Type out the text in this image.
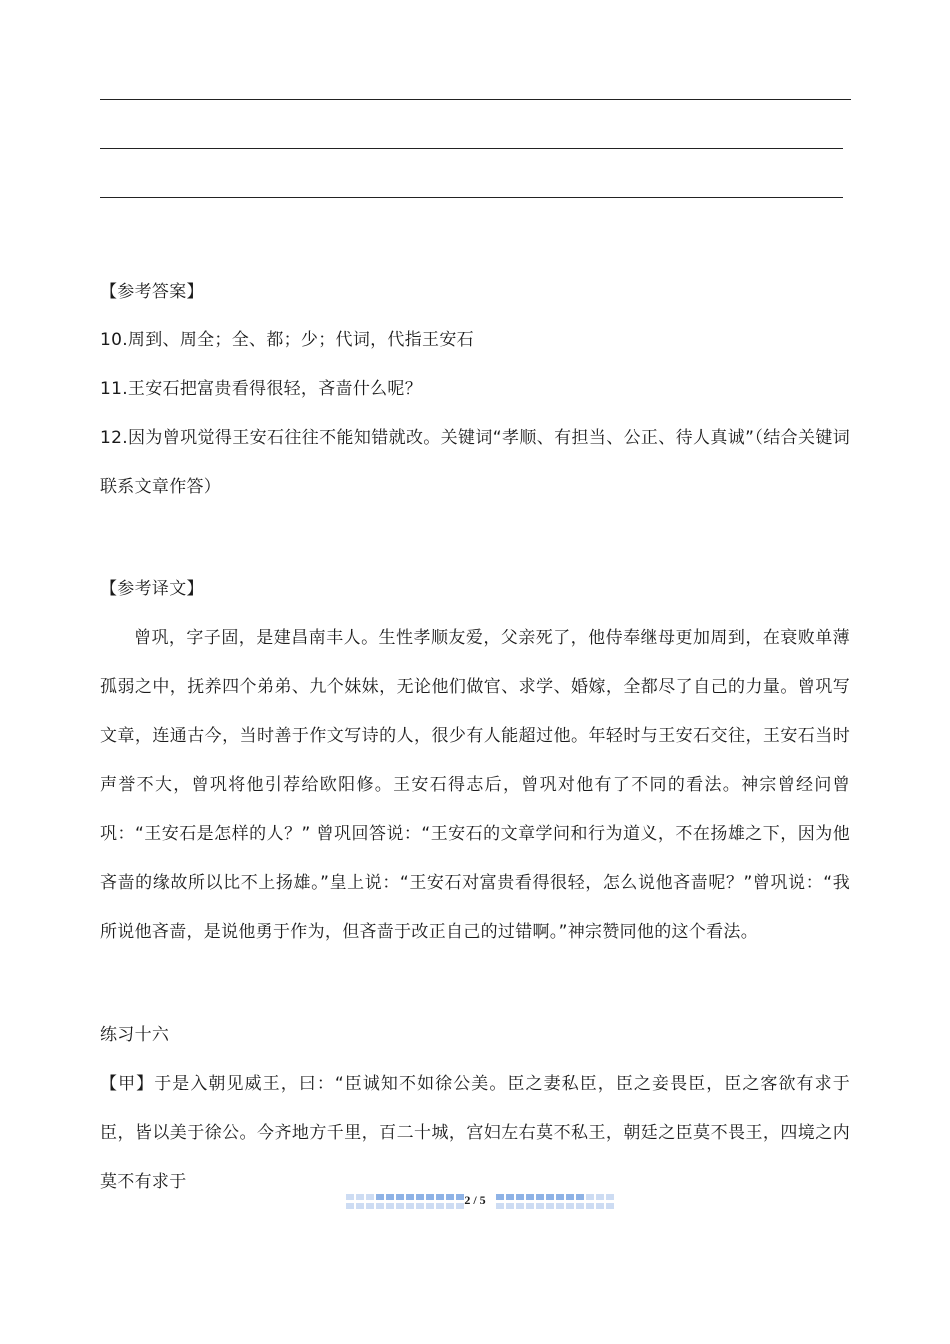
【参考答案】

10.周到、周全；全、都；少；代词，代指王安石

11.王安石把富贵看得很轻，吝啬什么呢？

12.因为曾巩觉得王安石往往不能知错就改。关键词“孝顺、有担当、公正、待人真诚”（结合关键词联系文章作答）

【参考译文】

曾巩，字子固，是建昌南丰人。生性孝顺友爱，父亲死了，他侍奉继母更加周到，在衰败单薄孤弱之中，抚养四个弟弟、九个妹妹，无论他们做官、求学、婚嫁，全都尽了自己的力量。曾巩写文章，连通古今，当时善于作文写诗的人，很少有人能超过他。年轻时与王安石交往，王安石当时声誉不大，曾巩将他引荐给欧阳修。王安石得志后，曾巩对他有了不同的看法。神宗曾经问曾巩：“王安石是怎样的人？” 曾巩回答说：“王安石的文章学问和行为道义，不在扬雄之下，因为他吝啬的缘故所以比不上扬雄。”皇上说：“王安石对富贵看得很轻，怎么说他吝啬呢？”曾巩说：“我所说他吝啬，是说他勇于作为，但吝啬于改正自己的过错啊。”神宗赞同他的这个看法。

练习十六

【甲】于是入朝见威王，曰：“臣诚知不如徐公美。臣之妻私臣，臣之妾畏臣，臣之客欲有求于臣，皆以美于徐公。今齐地方千里，百二十城，宫妇左右莫不私王，朝廷之臣莫不畏王，四境之内莫不有求于

2 / 5
